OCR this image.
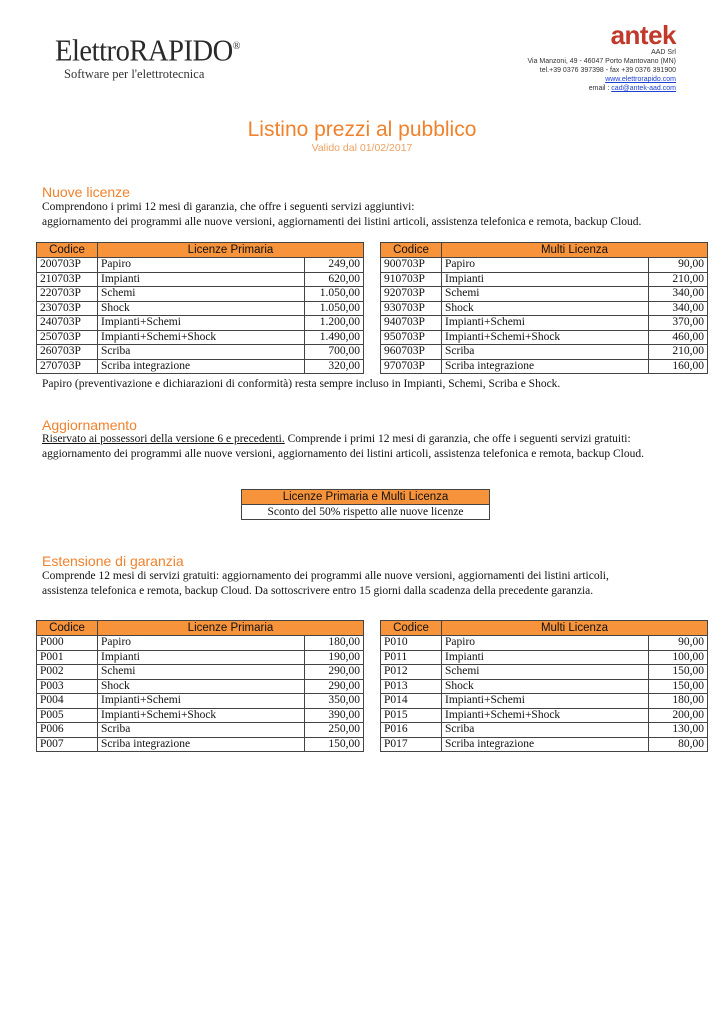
ElettroRAPIDO®
Software per l'elettrotecnica
antek
AAD Srl
Via Manzoni, 49 - 46047 Porto Mantovano (MN)
tel.+39 0376 397398 - fax +39 0376 391900
www.elettrorapido.com
email : cad@antek-aad.com
Listino prezzi al pubblico
Valido dal 01/02/2017
Nuove licenze
Comprendono i primi 12 mesi di garanzia, che offre i seguenti servizi aggiuntivi:
aggiornamento dei programmi alle nuove versioni, aggiornamenti dei listini articoli, assistenza telefonica e remota, backup Cloud.
Codice	Licenze Primaria	
200703P	Papiro	249,00
210703P	Impianti	620,00
220703P	Schemi	1.050,00
230703P	Shock	1.050,00
240703P	Impianti+Schemi	1.200,00
250703P	Impianti+Schemi+Shock	1.490,00
260703P	Scriba	700,00
270703P	Scriba integrazione	320,00
Codice	Multi Licenza	
900703P	Papiro	90,00
910703P	Impianti	210,00
920703P	Schemi	340,00
930703P	Shock	340,00
940703P	Impianti+Schemi	370,00
950703P	Impianti+Schemi+Shock	460,00
960703P	Scriba	210,00
970703P	Scriba integrazione	160,00
Papiro (preventivazione e dichiarazioni di conformità) resta sempre incluso in Impianti, Schemi, Scriba e Shock.
Aggiornamento
Riservato ai possessori della versione 6 e precedenti. Comprende i primi 12 mesi di garanzia, che offe i seguenti servizi gratuiti:
aggiornamento dei programmi alle nuove versioni, aggiornamento dei listini articoli, assistenza telefonica e remota, backup Cloud.
Licenze Primaria e Multi Licenza
Sconto del 50% rispetto alle nuove licenze
Estensione di garanzia
Comprende 12 mesi di servizi gratuiti: aggiornamento dei programmi alle nuove versioni, aggiornamenti dei listini articoli,
assistenza telefonica e remota, backup Cloud. Da sottoscrivere entro 15 giorni dalla scadenza della precedente garanzia.
Codice	Licenze Primaria	
P000	Papiro	180,00
P001	Impianti	190,00
P002	Schemi	290,00
P003	Shock	290,00
P004	Impianti+Schemi	350,00
P005	Impianti+Schemi+Shock	390,00
P006	Scriba	250,00
P007	Scriba integrazione	150,00
Codice	Multi Licenza	
P010	Papiro	90,00
P011	Impianti	100,00
P012	Schemi	150,00
P013	Shock	150,00
P014	Impianti+Schemi	180,00
P015	Impianti+Schemi+Shock	200,00
P016	Scriba	130,00
P017	Scriba integrazione	80,00
